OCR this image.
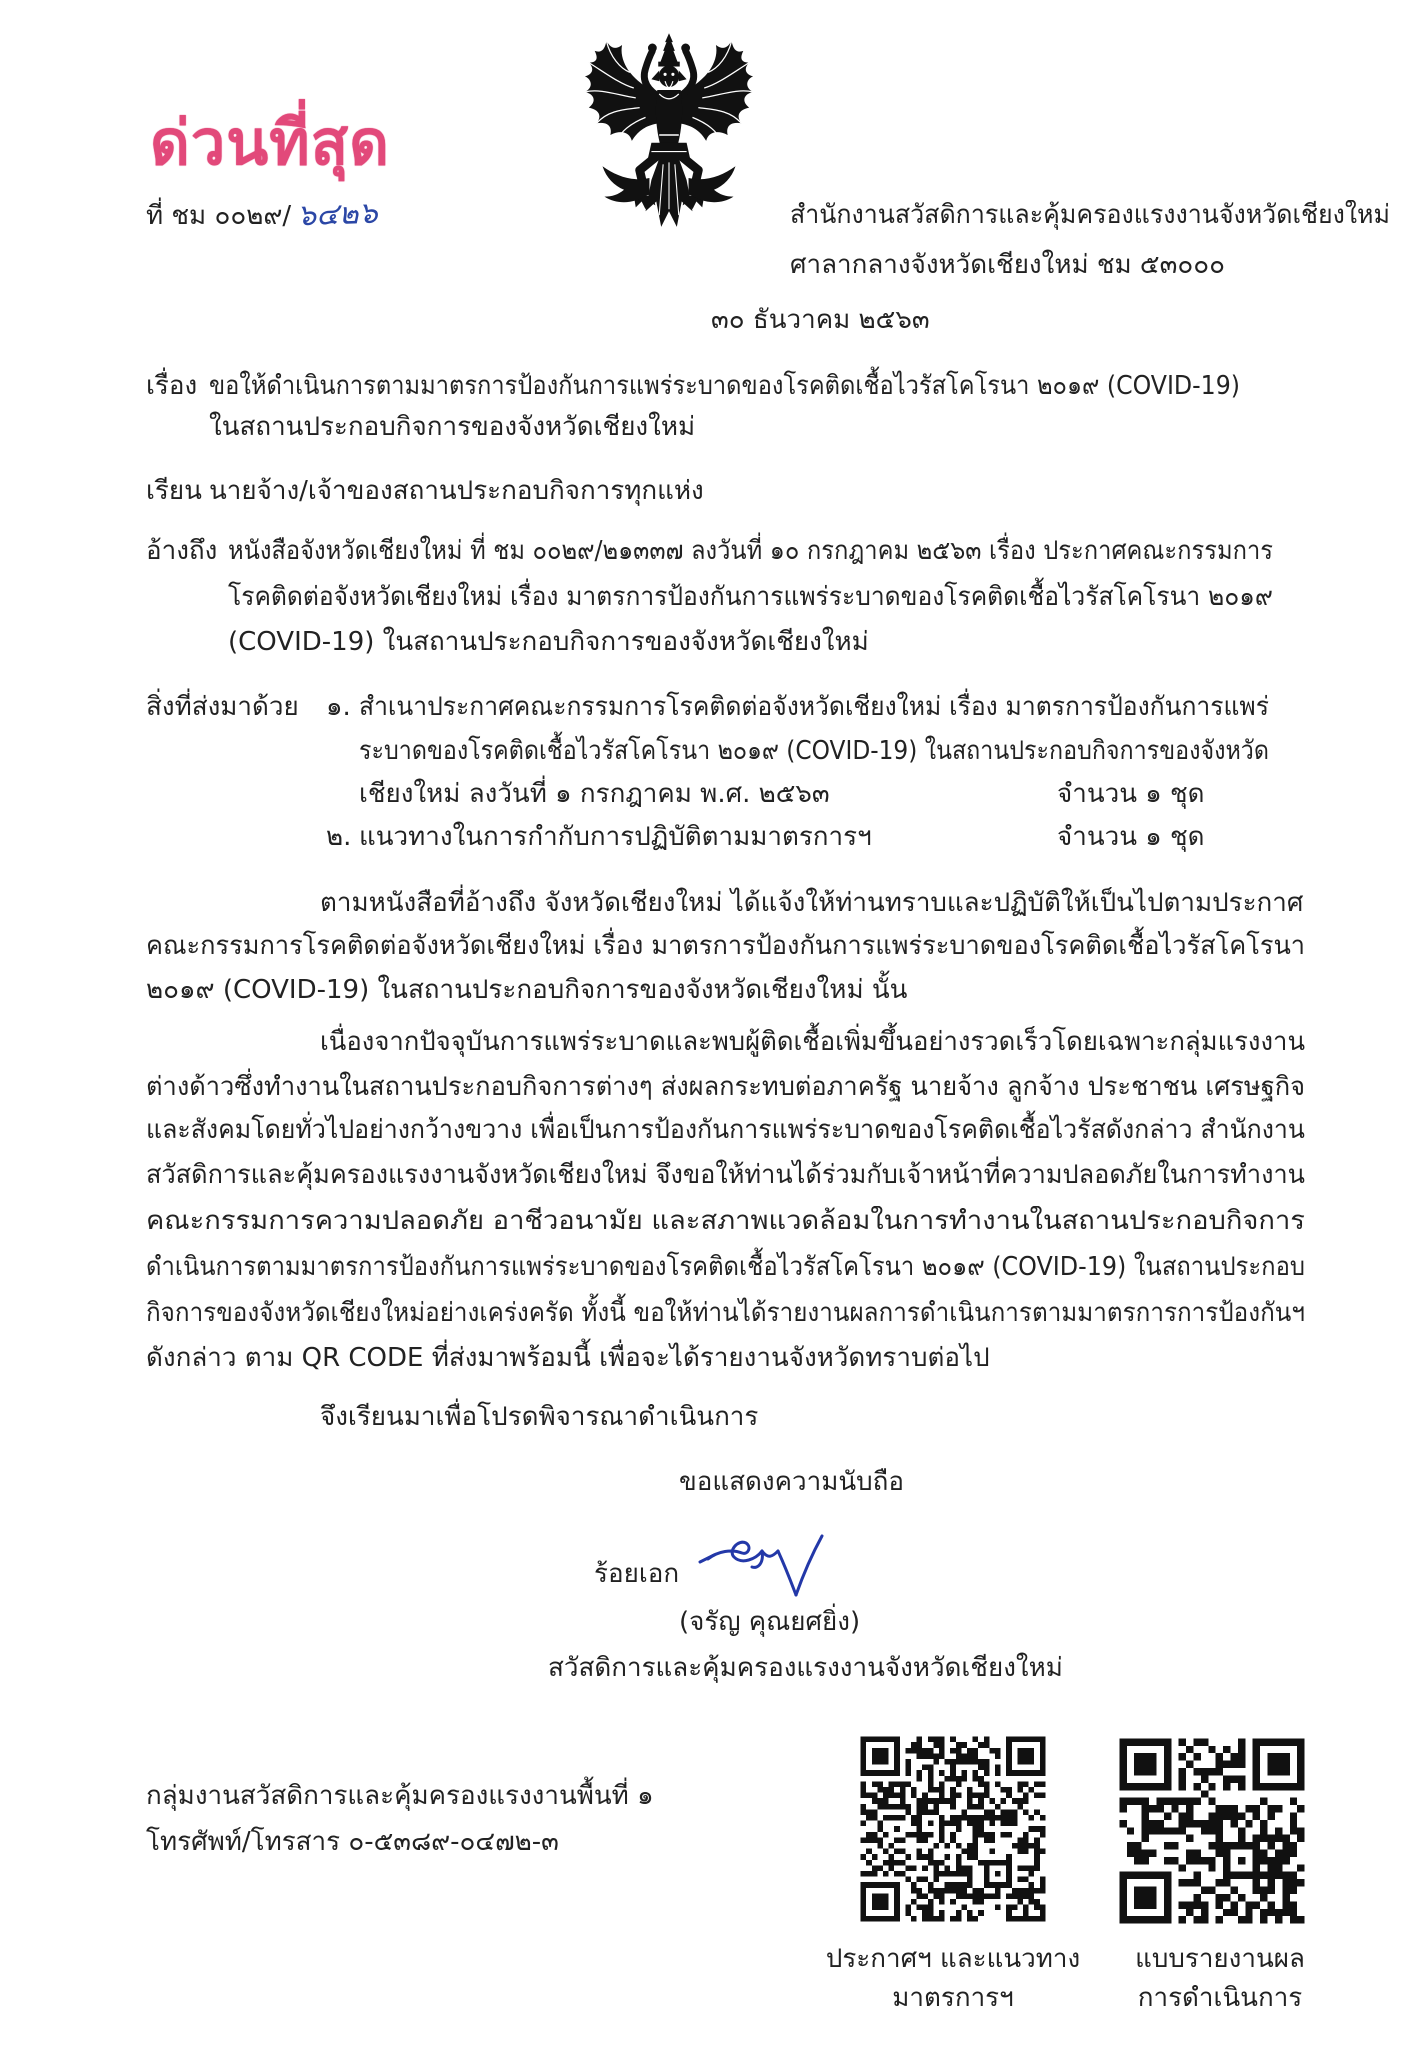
ด่วนที่สุด
ที่ ชม ๐๐๒๙/ ๖๔๒๖	สำนักงานสวัสดิการและคุ้มครองแรงงานจังหวัดเชียงใหม่
ศาลากลางจังหวัดเชียงใหม่ ชม ๕๓๐๐๐
๓๐ ธันวาคม ๒๕๖๓
เรื่อง ขอให้ดำเนินการตามมาตรการป้องกันการแพร่ระบาดของโรคติดเชื้อไวรัสโคโรนา ๒๐๑๙ (COVID-19)
ในสถานประกอบกิจการของจังหวัดเชียงใหม่
เรียน นายจ้าง/เจ้าของสถานประกอบกิจการทุกแห่ง
อ้างถึง หนังสือจังหวัดเชียงใหม่ ที่ ชม ๐๐๒๙/๒๑๓๓๗ ลงวันที่ ๑๐ กรกฎาคม ๒๕๖๓ เรื่อง ประกาศคณะกรรมการ
โรคติดต่อจังหวัดเชียงใหม่ เรื่อง มาตรการป้องกันการแพร่ระบาดของโรคติดเชื้อไวรัสโคโรนา ๒๐๑๙
(COVID-19) ในสถานประกอบกิจการของจังหวัดเชียงใหม่
สิ่งที่ส่งมาด้วย	๑. สำเนาประกาศคณะกรรมการโรคติดต่อจังหวัดเชียงใหม่ เรื่อง มาตรการป้องกันการแพร่
ระบาดของโรคติดเชื้อไวรัสโคโรนา ๒๐๑๙ (COVID-19) ในสถานประกอบกิจการของจังหวัด
เชียงใหม่ ลงวันที่ ๑ กรกฎาคม พ.ศ. ๒๕๖๓	จำนวน ๑ ชุด
๒. แนวทางในการกำกับการปฏิบัติตามมาตรการฯ	จำนวน ๑ ชุด
ตามหนังสือที่อ้างถึง จังหวัดเชียงใหม่ ได้แจ้งให้ท่านทราบและปฏิบัติให้เป็นไปตามประกาศ
คณะกรรมการโรคติดต่อจังหวัดเชียงใหม่ เรื่อง มาตรการป้องกันการแพร่ระบาดของโรคติดเชื้อไวรัสโคโรนา
๒๐๑๙ (COVID-19) ในสถานประกอบกิจการของจังหวัดเชียงใหม่ นั้น
เนื่องจากปัจจุบันการแพร่ระบาดและพบผู้ติดเชื้อเพิ่มขึ้นอย่างรวดเร็วโดยเฉพาะกลุ่มแรงงาน
ต่างด้าวซึ่งทำงานในสถานประกอบกิจการต่างๆ ส่งผลกระทบต่อภาครัฐ นายจ้าง ลูกจ้าง ประชาชน เศรษฐกิจ
และสังคมโดยทั่วไปอย่างกว้างขวาง เพื่อเป็นการป้องกันการแพร่ระบาดของโรคติดเชื้อไวรัสดังกล่าว สำนักงาน
สวัสดิการและคุ้มครองแรงงานจังหวัดเชียงใหม่ จึงขอให้ท่านได้ร่วมกับเจ้าหน้าที่ความปลอดภัยในการทำงาน
คณะกรรมการความปลอดภัย อาชีวอนามัย และสภาพแวดล้อมในการทำงานในสถานประกอบกิจการ
ดำเนินการตามมาตรการป้องกันการแพร่ระบาดของโรคติดเชื้อไวรัสโคโรนา ๒๐๑๙ (COVID-19) ในสถานประกอบ
กิจการของจังหวัดเชียงใหม่อย่างเคร่งครัด ทั้งนี้ ขอให้ท่านได้รายงานผลการดำเนินการตามมาตรการการป้องกันฯ
ดังกล่าว ตาม QR CODE ที่ส่งมาพร้อมนี้ เพื่อจะได้รายงานจังหวัดทราบต่อไป
จึงเรียนมาเพื่อโปรดพิจารณาดำเนินการ
ขอแสดงความนับถือ
ร้อยเอก
(จรัญ คุณยศยิ่ง)
สวัสดิการและคุ้มครองแรงงานจังหวัดเชียงใหม่
กลุ่มงานสวัสดิการและคุ้มครองแรงงานพื้นที่ ๑
โทรศัพท์/โทรสาร ๐-๕๓๘๙-๐๔๗๒-๓
ประกาศฯ และแนวทาง
มาตรการฯ
แบบรายงานผล
การดำเนินการ
